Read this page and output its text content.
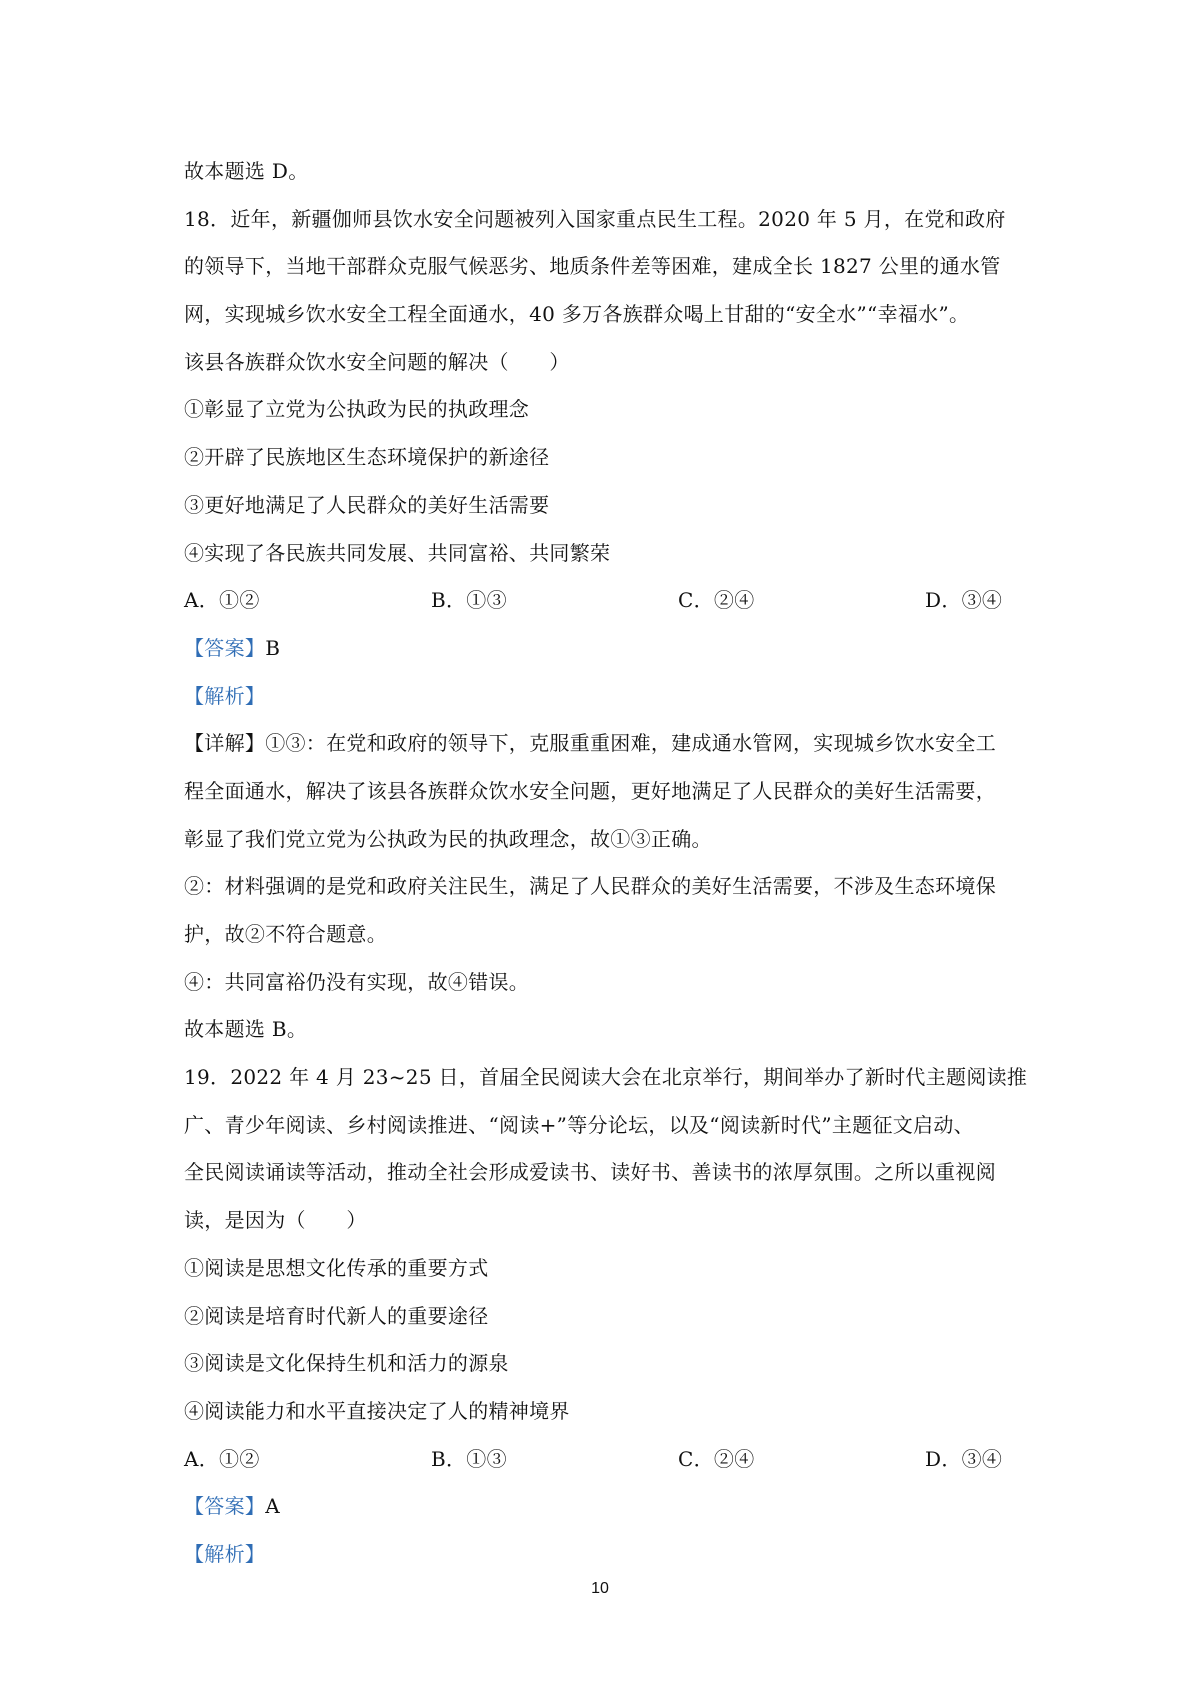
故本题选 D。
18．近年，新疆伽师县饮水安全问题被列入国家重点民生工程。2020 年 5 月，在党和政府
的领导下，当地干部群众克服气候恶劣、地质条件差等困难，建成全长 1827 公里的通水管
网，实现城乡饮水安全工程全面通水，40 多万各族群众喝上甘甜的“安全水”“幸福水”。
该县各族群众饮水安全问题的解决（　　）
①彰显了立党为公执政为民的执政理念
②开辟了民族地区生态环境保护的新途径
③更好地满足了人民群众的美好生活需要
④实现了各民族共同发展、共同富裕、共同繁荣
A．①②	B．①③	C．②④	D．③④
【答案】B
【解析】
【详解】①③：在党和政府的领导下，克服重重困难，建成通水管网，实现城乡饮水安全工
程全面通水，解决了该县各族群众饮水安全问题，更好地满足了人民群众的美好生活需要，
彰显了我们党立党为公执政为民的执政理念，故①③正确。
②：材料强调的是党和政府关注民生，满足了人民群众的美好生活需要，不涉及生态环境保
护，故②不符合题意。
④：共同富裕仍没有实现，故④错误。
故本题选 B。
19．2022 年 4 月 23~25 日，首届全民阅读大会在北京举行，期间举办了新时代主题阅读推
广、青少年阅读、乡村阅读推进、“阅读+”等分论坛，以及“阅读新时代”主题征文启动、
全民阅读诵读等活动，推动全社会形成爱读书、读好书、善读书的浓厚氛围。之所以重视阅
读，是因为（　　）
①阅读是思想文化传承的重要方式
②阅读是培育时代新人的重要途径
③阅读是文化保持生机和活力的源泉
④阅读能力和水平直接决定了人的精神境界
A．①②	B．①③	C．②④	D．③④
【答案】A
【解析】
10
